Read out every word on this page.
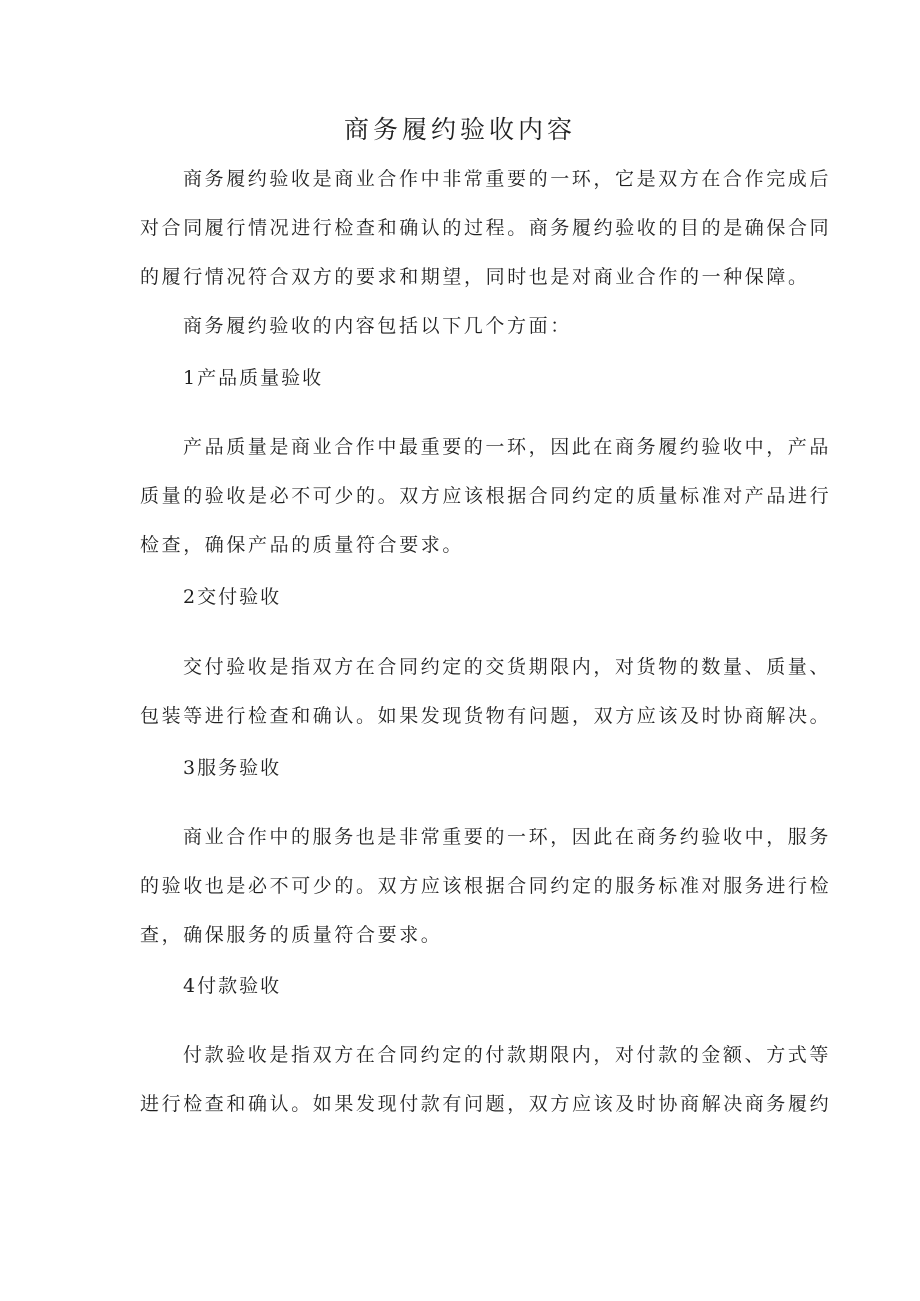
商务履约验收内容
商务履约验收是商业合作中非常重要的一环，它是双方在合作完成后
对合同履行情况进行检查和确认的过程。商务履约验收的目的是确保合同
的履行情况符合双方的要求和期望，同时也是对商业合作的一种保障。
商务履约验收的内容包括以下几个方面：
1产品质量验收
产品质量是商业合作中最重要的一环，因此在商务履约验收中，产品
质量的验收是必不可少的。双方应该根据合同约定的质量标准对产品进行
检查，确保产品的质量符合要求。
2交付验收
交付验收是指双方在合同约定的交货期限内，对货物的数量、质量、
包装等进行检查和确认。如果发现货物有问题，双方应该及时协商解决。
3服务验收
商业合作中的服务也是非常重要的一环，因此在商务约验收中，服务
的验收也是必不可少的。双方应该根据合同约定的服务标准对服务进行检
查，确保服务的质量符合要求。
4付款验收
付款验收是指双方在合同约定的付款期限内，对付款的金额、方式等
进行检查和确认。如果发现付款有问题，双方应该及时协商解决商务履约
